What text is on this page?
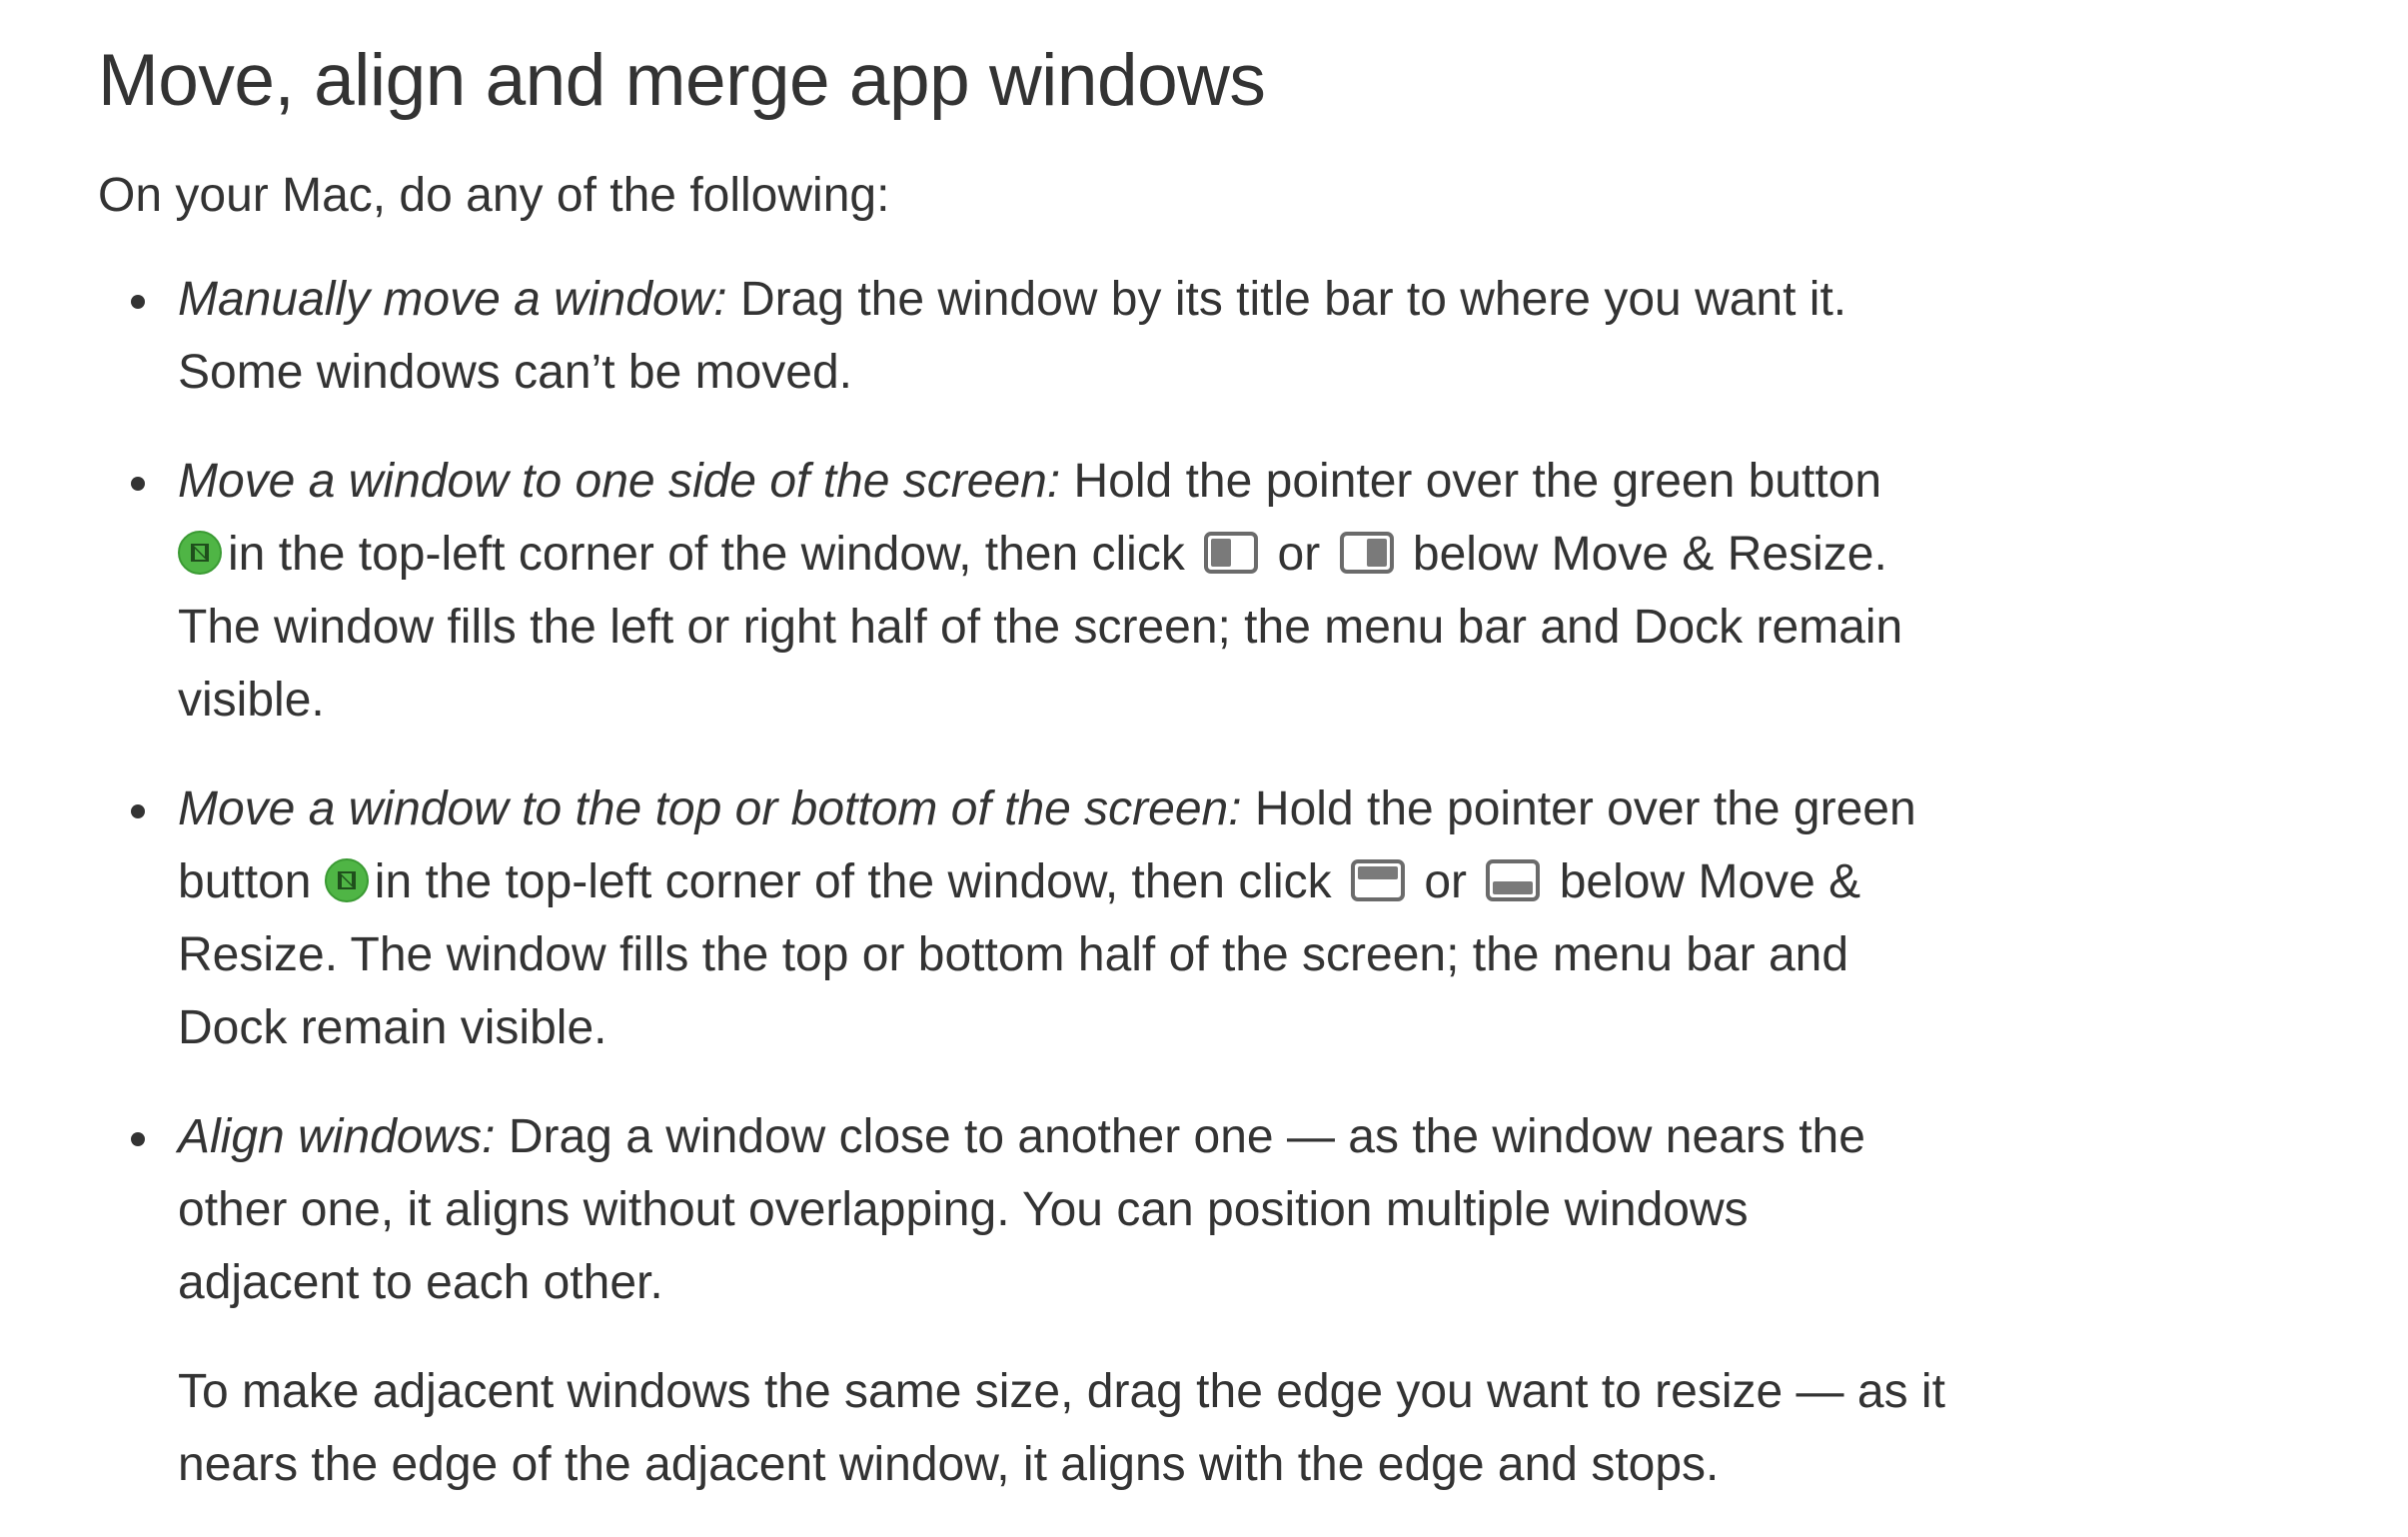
Move, align and merge app windows

On your Mac, do any of the following:

Manually move a window: Drag the window by its title bar to where you want it.
Some windows can’t be moved.
Move a window to one side of the screen: Hold the pointer over the green button
in the top-left corner of the window, then click or below Move & Resize.
The window fills the left or right half of the screen; the menu bar and Dock remain
visible.
Move a window to the top or bottom of the screen: Hold the pointer over the green
button in the top-left corner of the window, then click or below Move &
Resize. The window fills the top or bottom half of the screen; the menu bar and
Dock remain visible.
Align windows: Drag a window close to another one — as the window nears the
other one, it aligns without overlapping. You can position multiple windows
adjacent to each other.
To make adjacent windows the same size, drag the edge you want to resize — as it
nears the edge of the adjacent window, it aligns with the edge and stops.
